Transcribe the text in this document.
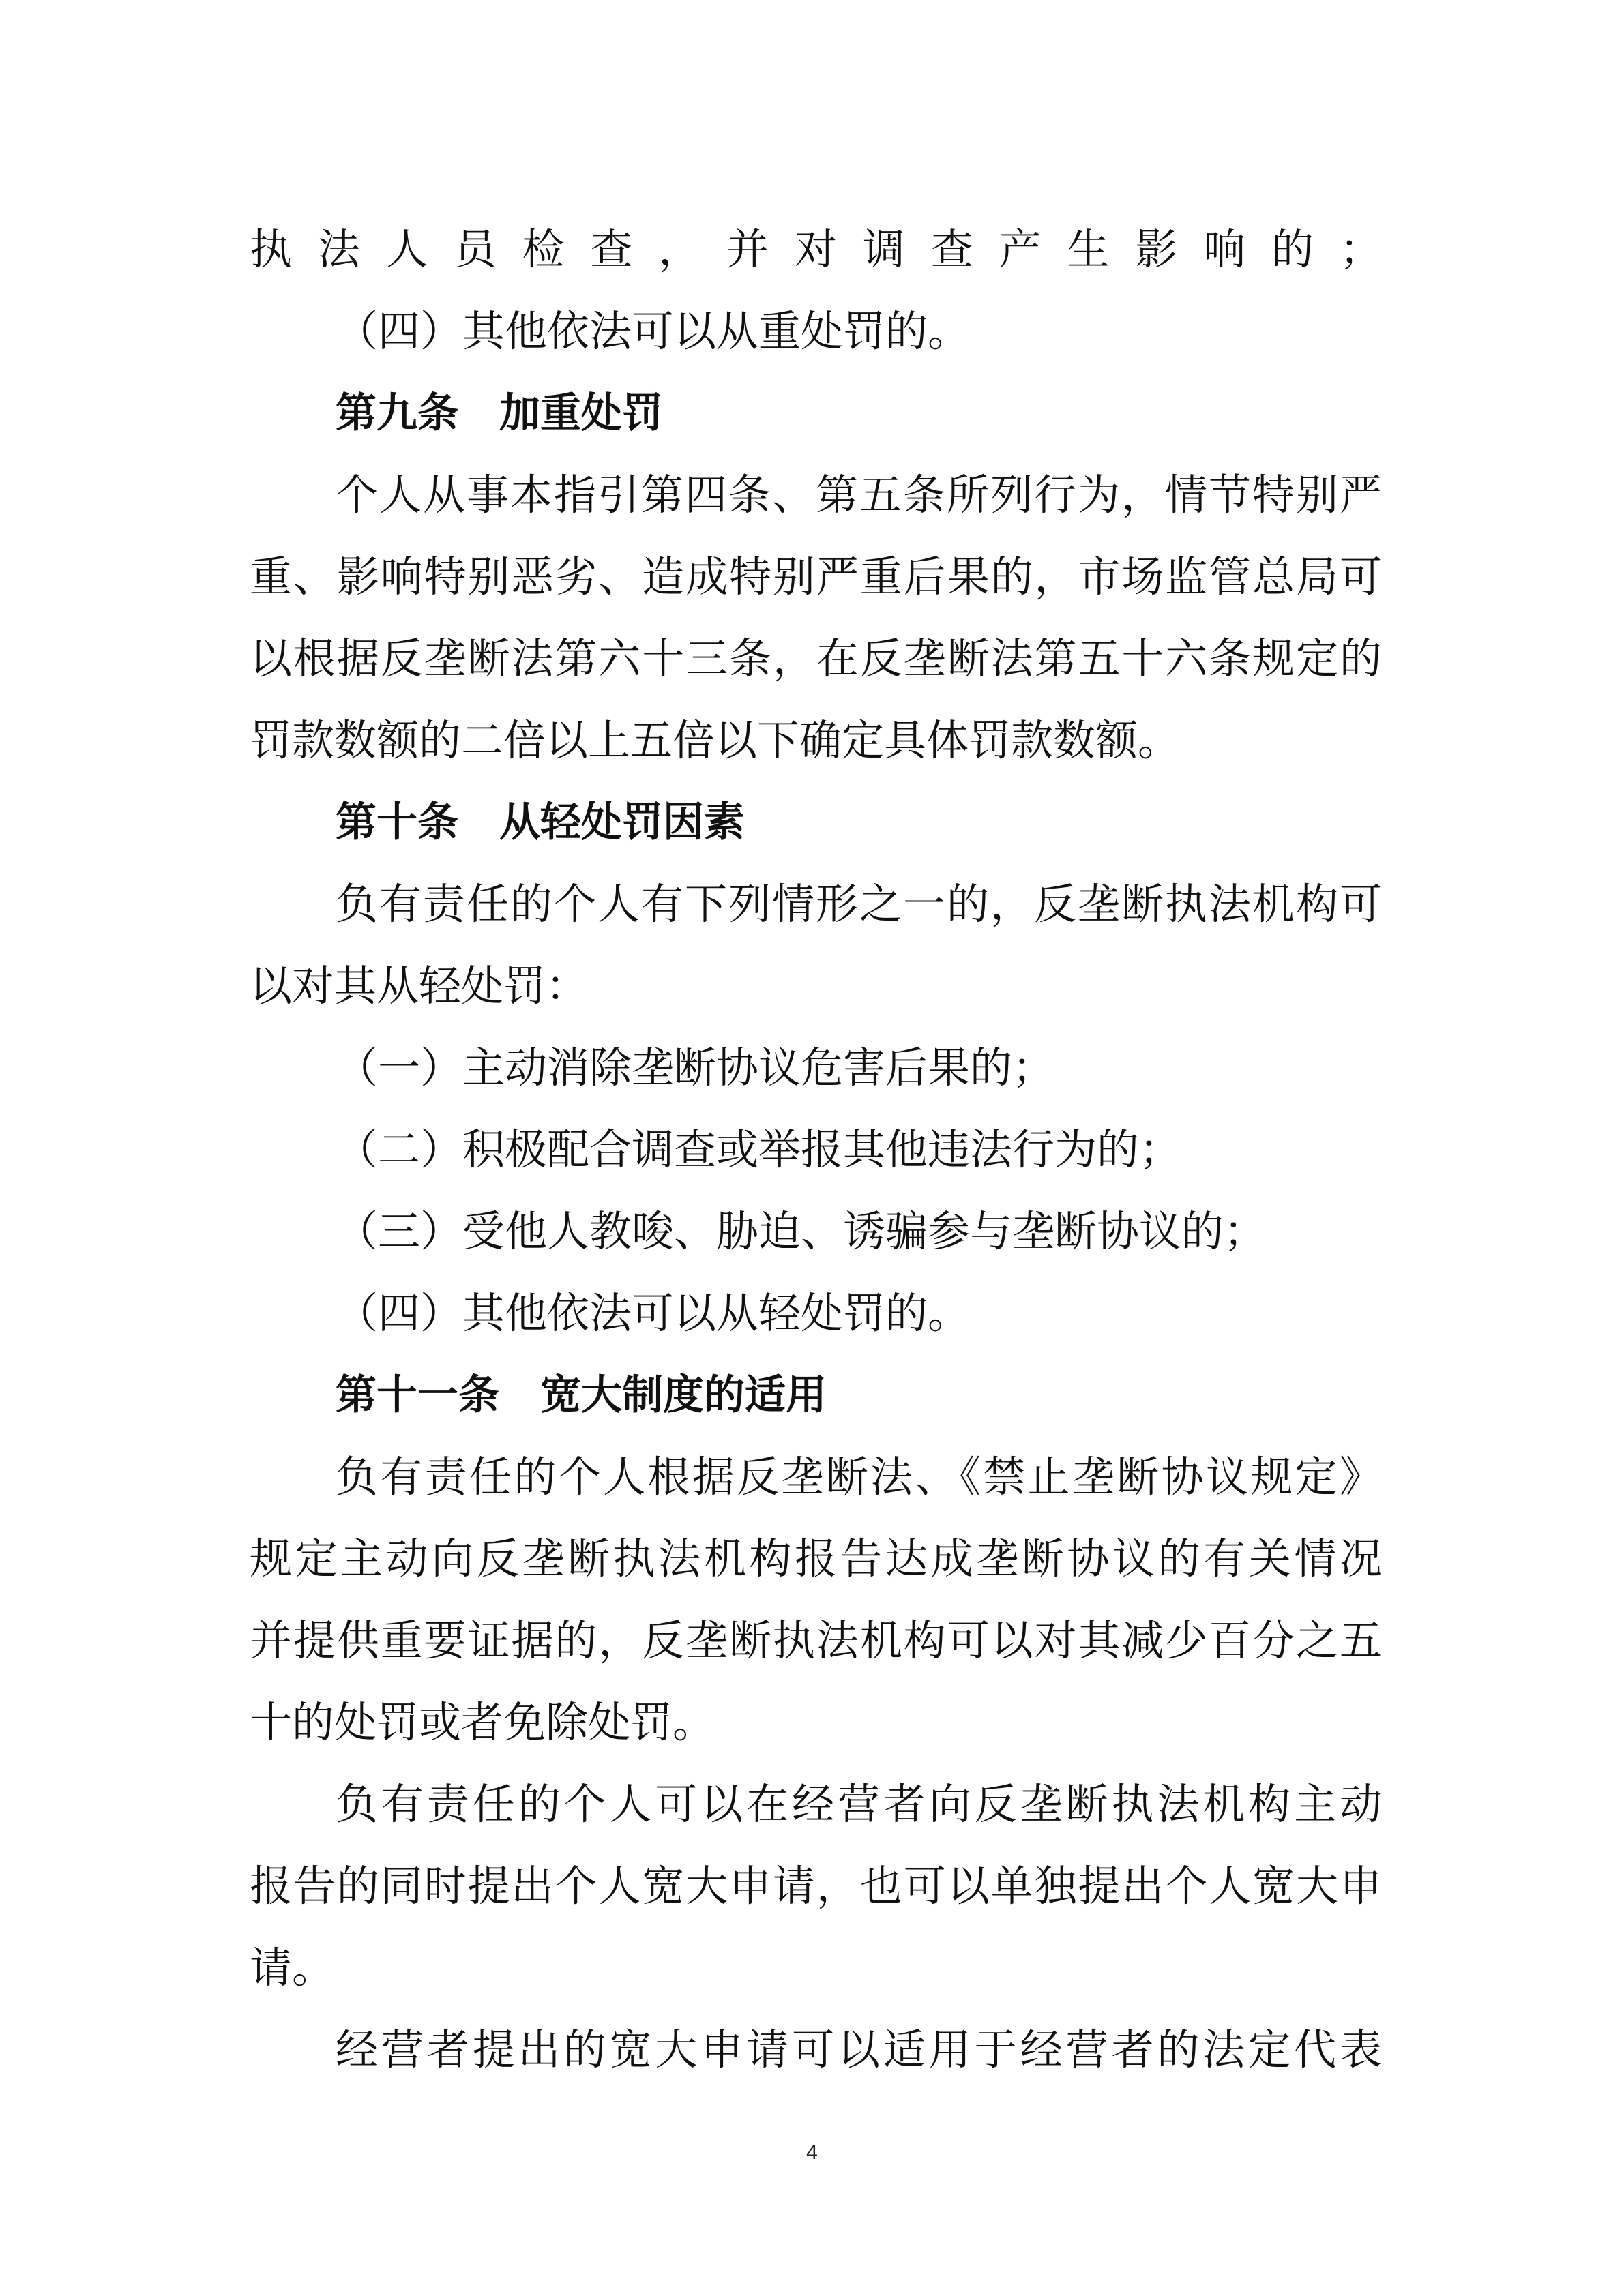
执法人员检查，并对调查产生影响的；
（四）其他依法可以从重处罚的。
第九条　加重处罚
个人从事本指引第四条、第五条所列行为，情节特别严
重、影响特别恶劣、造成特别严重后果的，市场监管总局可
以根据反垄断法第六十三条，在反垄断法第五十六条规定的
罚款数额的二倍以上五倍以下确定具体罚款数额。
第十条　从轻处罚因素
负有责任的个人有下列情形之一的，反垄断执法机构可
以对其从轻处罚：
（一）主动消除垄断协议危害后果的；
（二）积极配合调查或举报其他违法行为的；
（三）受他人教唆、胁迫、诱骗参与垄断协议的；
（四）其他依法可以从轻处罚的。
第十一条　宽大制度的适用
负有责任的个人根据反垄断法、《禁止垄断协议规定》
规定主动向反垄断执法机构报告达成垄断协议的有关情况
并提供重要证据的，反垄断执法机构可以对其减少百分之五
十的处罚或者免除处罚。
负有责任的个人可以在经营者向反垄断执法机构主动
报告的同时提出个人宽大申请，也可以单独提出个人宽大申
请。
经营者提出的宽大申请可以适用于经营者的法定代表
4
